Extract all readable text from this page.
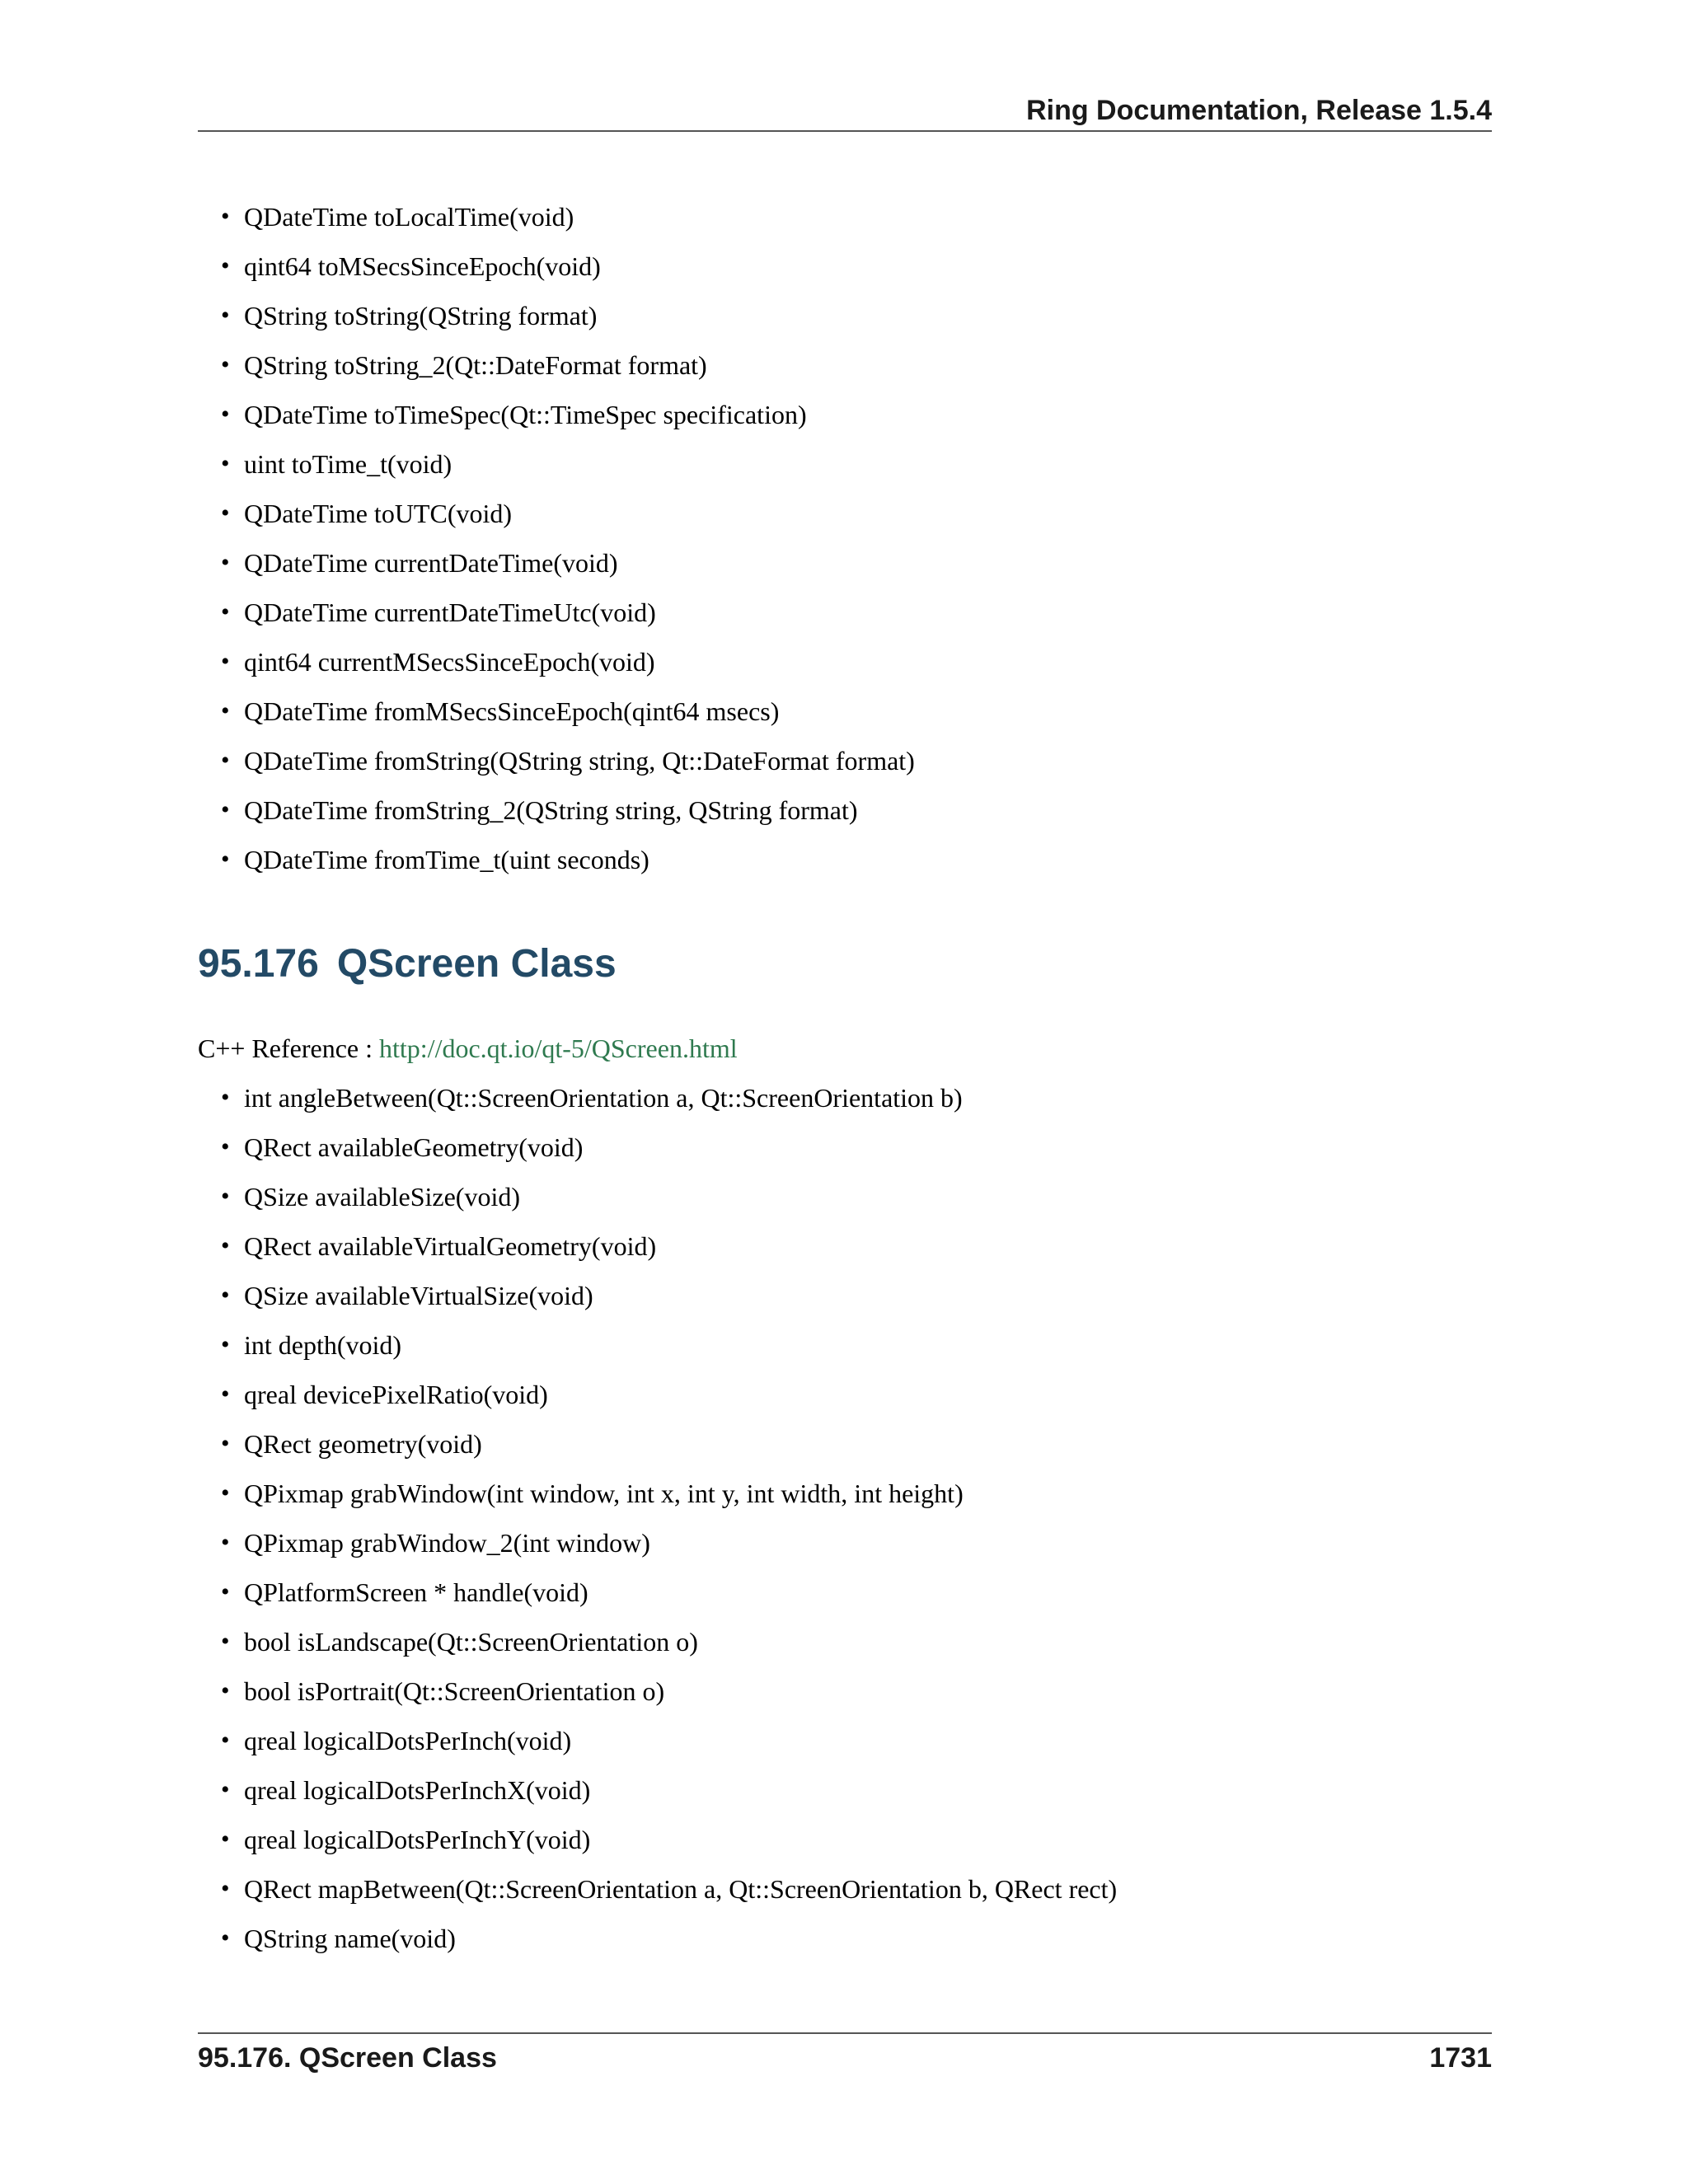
Ring Documentation, Release 1.5.4
• QDateTime toLocalTime(void)
• qint64 toMSecsSinceEpoch(void)
• QString toString(QString format)
• QString toString_2(Qt::DateFormat format)
• QDateTime toTimeSpec(Qt::TimeSpec specification)
• uint toTime_t(void)
• QDateTime toUTC(void)
• QDateTime currentDateTime(void)
• QDateTime currentDateTimeUtc(void)
• qint64 currentMSecsSinceEpoch(void)
• QDateTime fromMSecsSinceEpoch(qint64 msecs)
• QDateTime fromString(QString string, Qt::DateFormat format)
• QDateTime fromString_2(QString string, QString format)
• QDateTime fromTime_t(uint seconds)
95.176 QScreen Class
C++ Reference : http://doc.qt.io/qt-5/QScreen.html
• int angleBetween(Qt::ScreenOrientation a, Qt::ScreenOrientation b)
• QRect availableGeometry(void)
• QSize availableSize(void)
• QRect availableVirtualGeometry(void)
• QSize availableVirtualSize(void)
• int depth(void)
• qreal devicePixelRatio(void)
• QRect geometry(void)
• QPixmap grabWindow(int window, int x, int y, int width, int height)
• QPixmap grabWindow_2(int window)
• QPlatformScreen * handle(void)
• bool isLandscape(Qt::ScreenOrientation o)
• bool isPortrait(Qt::ScreenOrientation o)
• qreal logicalDotsPerInch(void)
• qreal logicalDotsPerInchX(void)
• qreal logicalDotsPerInchY(void)
• QRect mapBetween(Qt::ScreenOrientation a, Qt::ScreenOrientation b, QRect rect)
• QString name(void)
95.176. QScreen Class	1731
